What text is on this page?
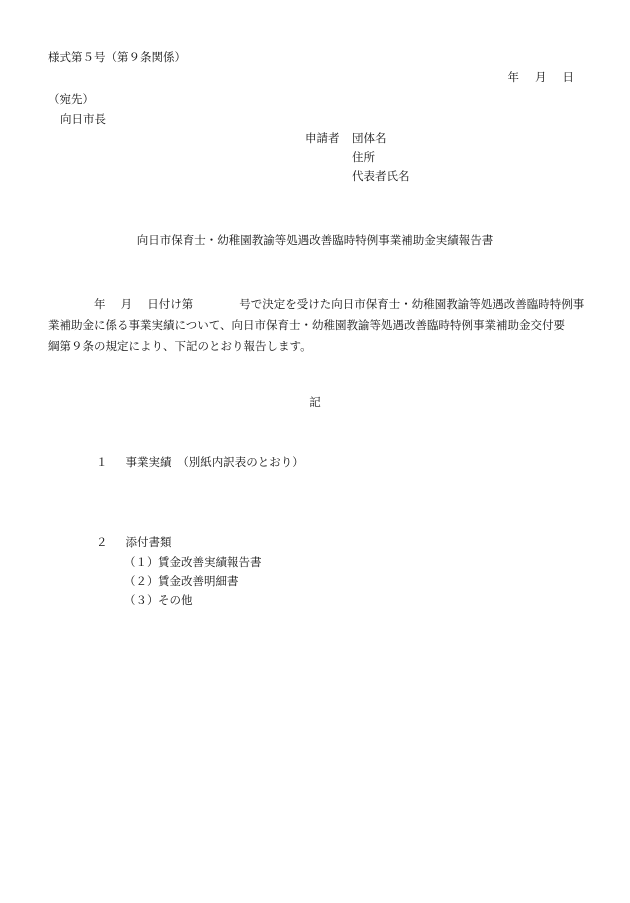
様式第５号（第９条関係）
年 月 日
（宛先）
向日市長
申請者 団体名
住所
代表者氏名
向日市保育士・幼稚園教諭等処遇改善臨時特例事業補助金実績報告書
　　　　年　 月　 日付け第　　　　号で決定を受けた向日市保育士・幼稚園教諭等処遇改善臨時特例事
業補助金に係る事業実績について、向日市保育士・幼稚園教諭等処遇改善臨時特例事業補助金交付要
綱第９条の規定により、下記のとおり報告します。
記
１ 事業実績　（別紙内訳表のとおり）
２ 添付書類
（１）賃金改善実績報告書
（２）賃金改善明細書
（３）その他
